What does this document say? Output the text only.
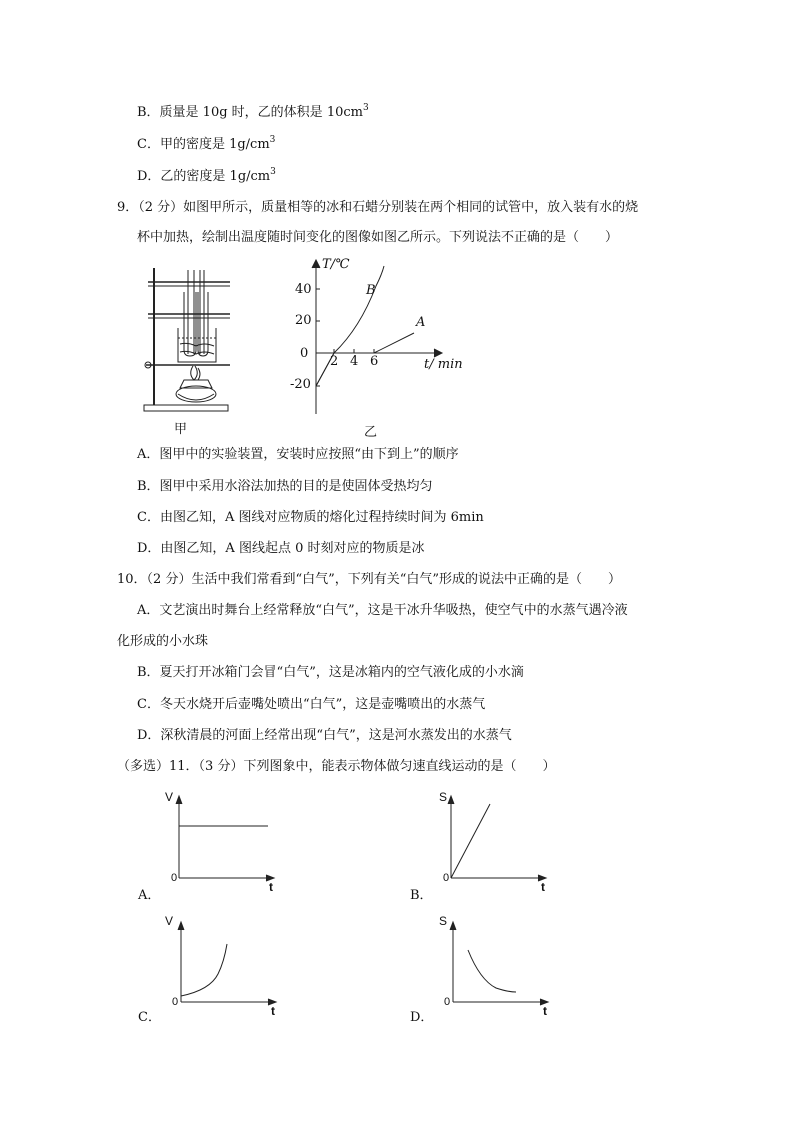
B．质量是 10g 时，乙的体积是 $10cm^3$
C．甲的密度是 $1g/cm^3$
D．乙的密度是 $1g/cm^3$
9．（2 分）如图甲所示，质量相等的冰和石蜡分别装在两个相同的试管中，放入装有水的烧
杯中加热，绘制出温度随时间变化的图像如图乙所示。下列说法不正确的是（　　）
甲
T/℃
40
20
0
-20
2 4 6	t/ min
B
A
乙
A．图甲中的实验装置，安装时应按照“由下到上”的顺序
B．图甲中采用水浴法加热的目的是使固体受热均匀
C．由图乙知，A 图线对应物质的熔化过程持续时间为 6min
D．由图乙知，A 图线起点 0 时刻对应的物质是冰
10．（2 分）生活中我们常看到“白气”，下列有关“白气”形成的说法中正确的是（　　）
A．文艺演出时舞台上经常释放“白气”，这是干冰升华吸热，使空气中的水蒸气遇冷液
化形成的小水珠
B．夏天打开冰箱门会冒“白气”，这是冰箱内的空气液化成的小水滴
C．冬天水烧开后壶嘴处喷出“白气”，这是壶嘴喷出的水蒸气
D．深秋清晨的河面上经常出现“白气”，这是河水蒸发出的水蒸气
（多选）11．（3 分）下列图象中，能表示物体做匀速直线运动的是（　　）
V
t
0
A．
S
t
0
B．
V
t
0
C．
S
t
0
D．
